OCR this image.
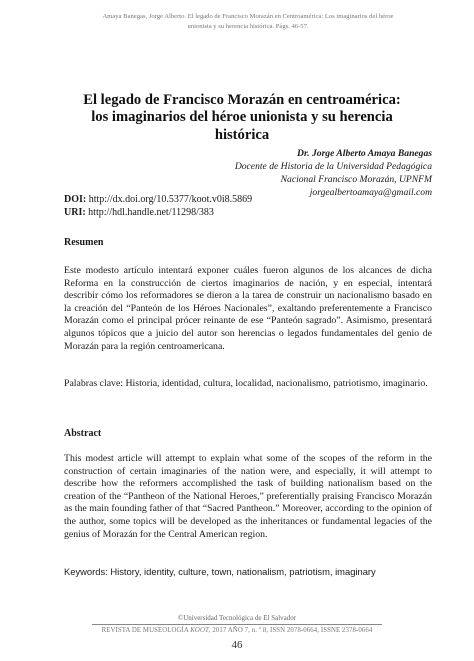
Amaya Banegas, Jorge Alberto. El legado de Francisco Morazán en Centroamérica: Los imaginarios del héroe
unionista y su herencia histórica. Págs. 46-57.
El legado de Francisco Morazán en centroamérica:
los imaginarios del héroe unionista y su herencia
histórica
Dr. Jorge Alberto Amaya Banegas
Docente de Historia de la Universidad Pedagógica
Nacional Francisco Morazán, UPNFM
jorgealbertoamaya@gmail.com
DOI: http://dx.doi.org/10.5377/koot.v0i8.5869
URI: http://hdl.handle.net/11298/383
Resumen

Este modesto artículo intentará exponer cuáles fueron algunos de los alcances de dicha Reforma en la construcción de ciertos imaginarios de nación, y en especial, intentará describir cómo los reformadores se dieron a la tarea de construir un nacionalismo basado en la creación del “Panteón de los Héroes Nacionales”, exaltando preferentemente a Francisco Morazán como el principal prócer reinante de ese “Panteón sagrado”. Asimismo, presentará algunos tópicos que a juicio del autor son herencias o legados fundamentales del genio de Morazán para la región centroamericana.

Palabras clave: Historia, identidad, cultura, localidad, nacionalismo, patriotismo, imaginario.

Abstract

This modest article will attempt to explain what some of the scopes of the reform in the construction of certain imaginaries of the nation were, and especially, it will attempt to describe how the reformers accomplished the task of building nationalism based on the creation of the “Pantheon of the National Heroes,” preferentially praising Francisco Morazán as the main founding father of that “Sacred Pantheon.” Moreover, according to the opinion of the author, some topics will be developed as the inheritances or fundamental legacies of the genius of Morazán for the Central American region.

Keywords: History, identity, culture, town, nationalism, patriotism, imaginary

©Universidad Tecnológica de El Salvador
REVISTA DE MUSEOLOGÍA KOOT, 2017 AÑO 7, n. º 8, ISSN 2078-0664, ISSNE 2378-0664
46
